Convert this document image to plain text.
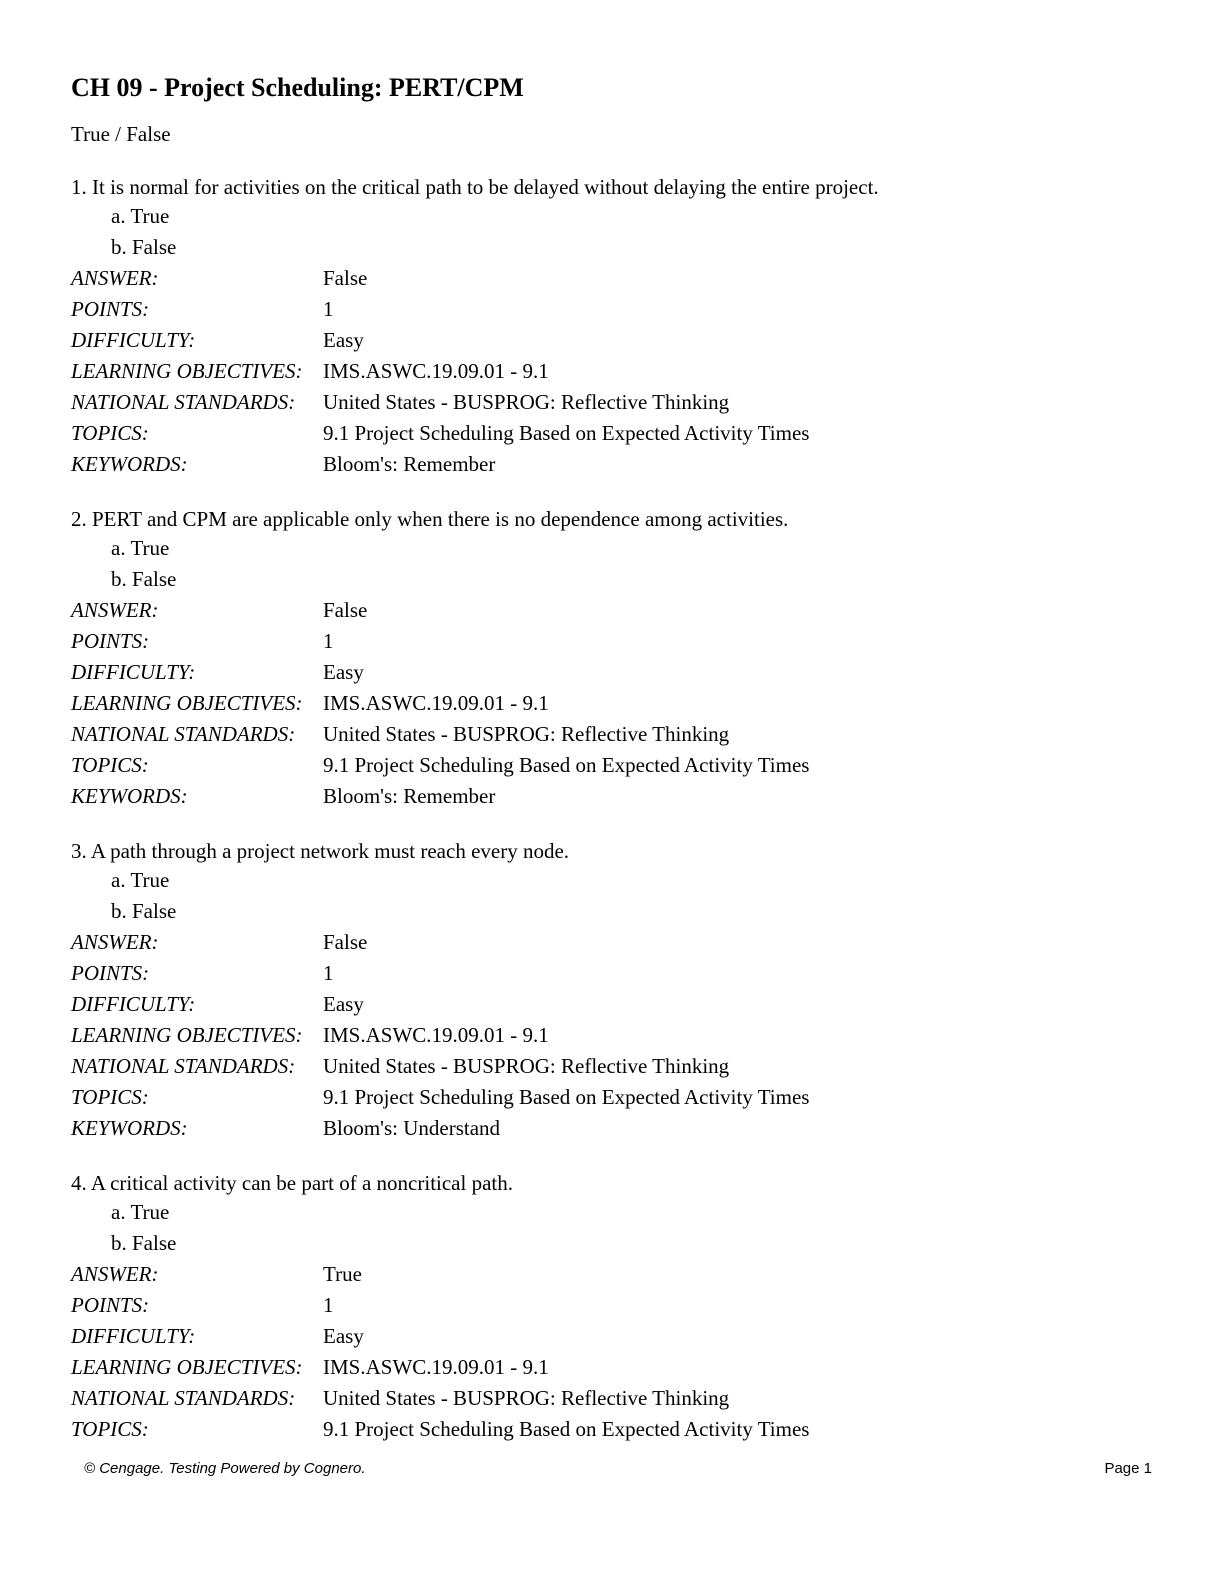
CH 09 - Project Scheduling: PERT/CPM
True / False
1. It is normal for activities on the critical path to be delayed without delaying the entire project.
a. True
b. False
ANSWER:	False
POINTS:	1
DIFFICULTY:	Easy
LEARNING OBJECTIVES: IMS.ASWC.19.09.01 - 9.1
NATIONAL STANDARDS:	United States - BUSPROG: Reflective Thinking
TOPICS:	9.1 Project Scheduling Based on Expected Activity Times
KEYWORDS:	Bloom's: Remember
2. PERT and CPM are applicable only when there is no dependence among activities.
a. True
b. False
ANSWER:	False
POINTS:	1
DIFFICULTY:	Easy
LEARNING OBJECTIVES: IMS.ASWC.19.09.01 - 9.1
NATIONAL STANDARDS:	United States - BUSPROG: Reflective Thinking
TOPICS:	9.1 Project Scheduling Based on Expected Activity Times
KEYWORDS:	Bloom's: Remember
3. A path through a project network must reach every node.
a. True
b. False
ANSWER:	False
POINTS:	1
DIFFICULTY:	Easy
LEARNING OBJECTIVES: IMS.ASWC.19.09.01 - 9.1
NATIONAL STANDARDS:	United States - BUSPROG: Reflective Thinking
TOPICS:	9.1 Project Scheduling Based on Expected Activity Times
KEYWORDS:	Bloom's: Understand
4. A critical activity can be part of a noncritical path.
a. True
b. False
ANSWER:	True
POINTS:	1
DIFFICULTY:	Easy
LEARNING OBJECTIVES: IMS.ASWC.19.09.01 - 9.1
NATIONAL STANDARDS:	United States - BUSPROG: Reflective Thinking
TOPICS:	9.1 Project Scheduling Based on Expected Activity Times
© Cengage. Testing Powered by Cognero.	Page 1
